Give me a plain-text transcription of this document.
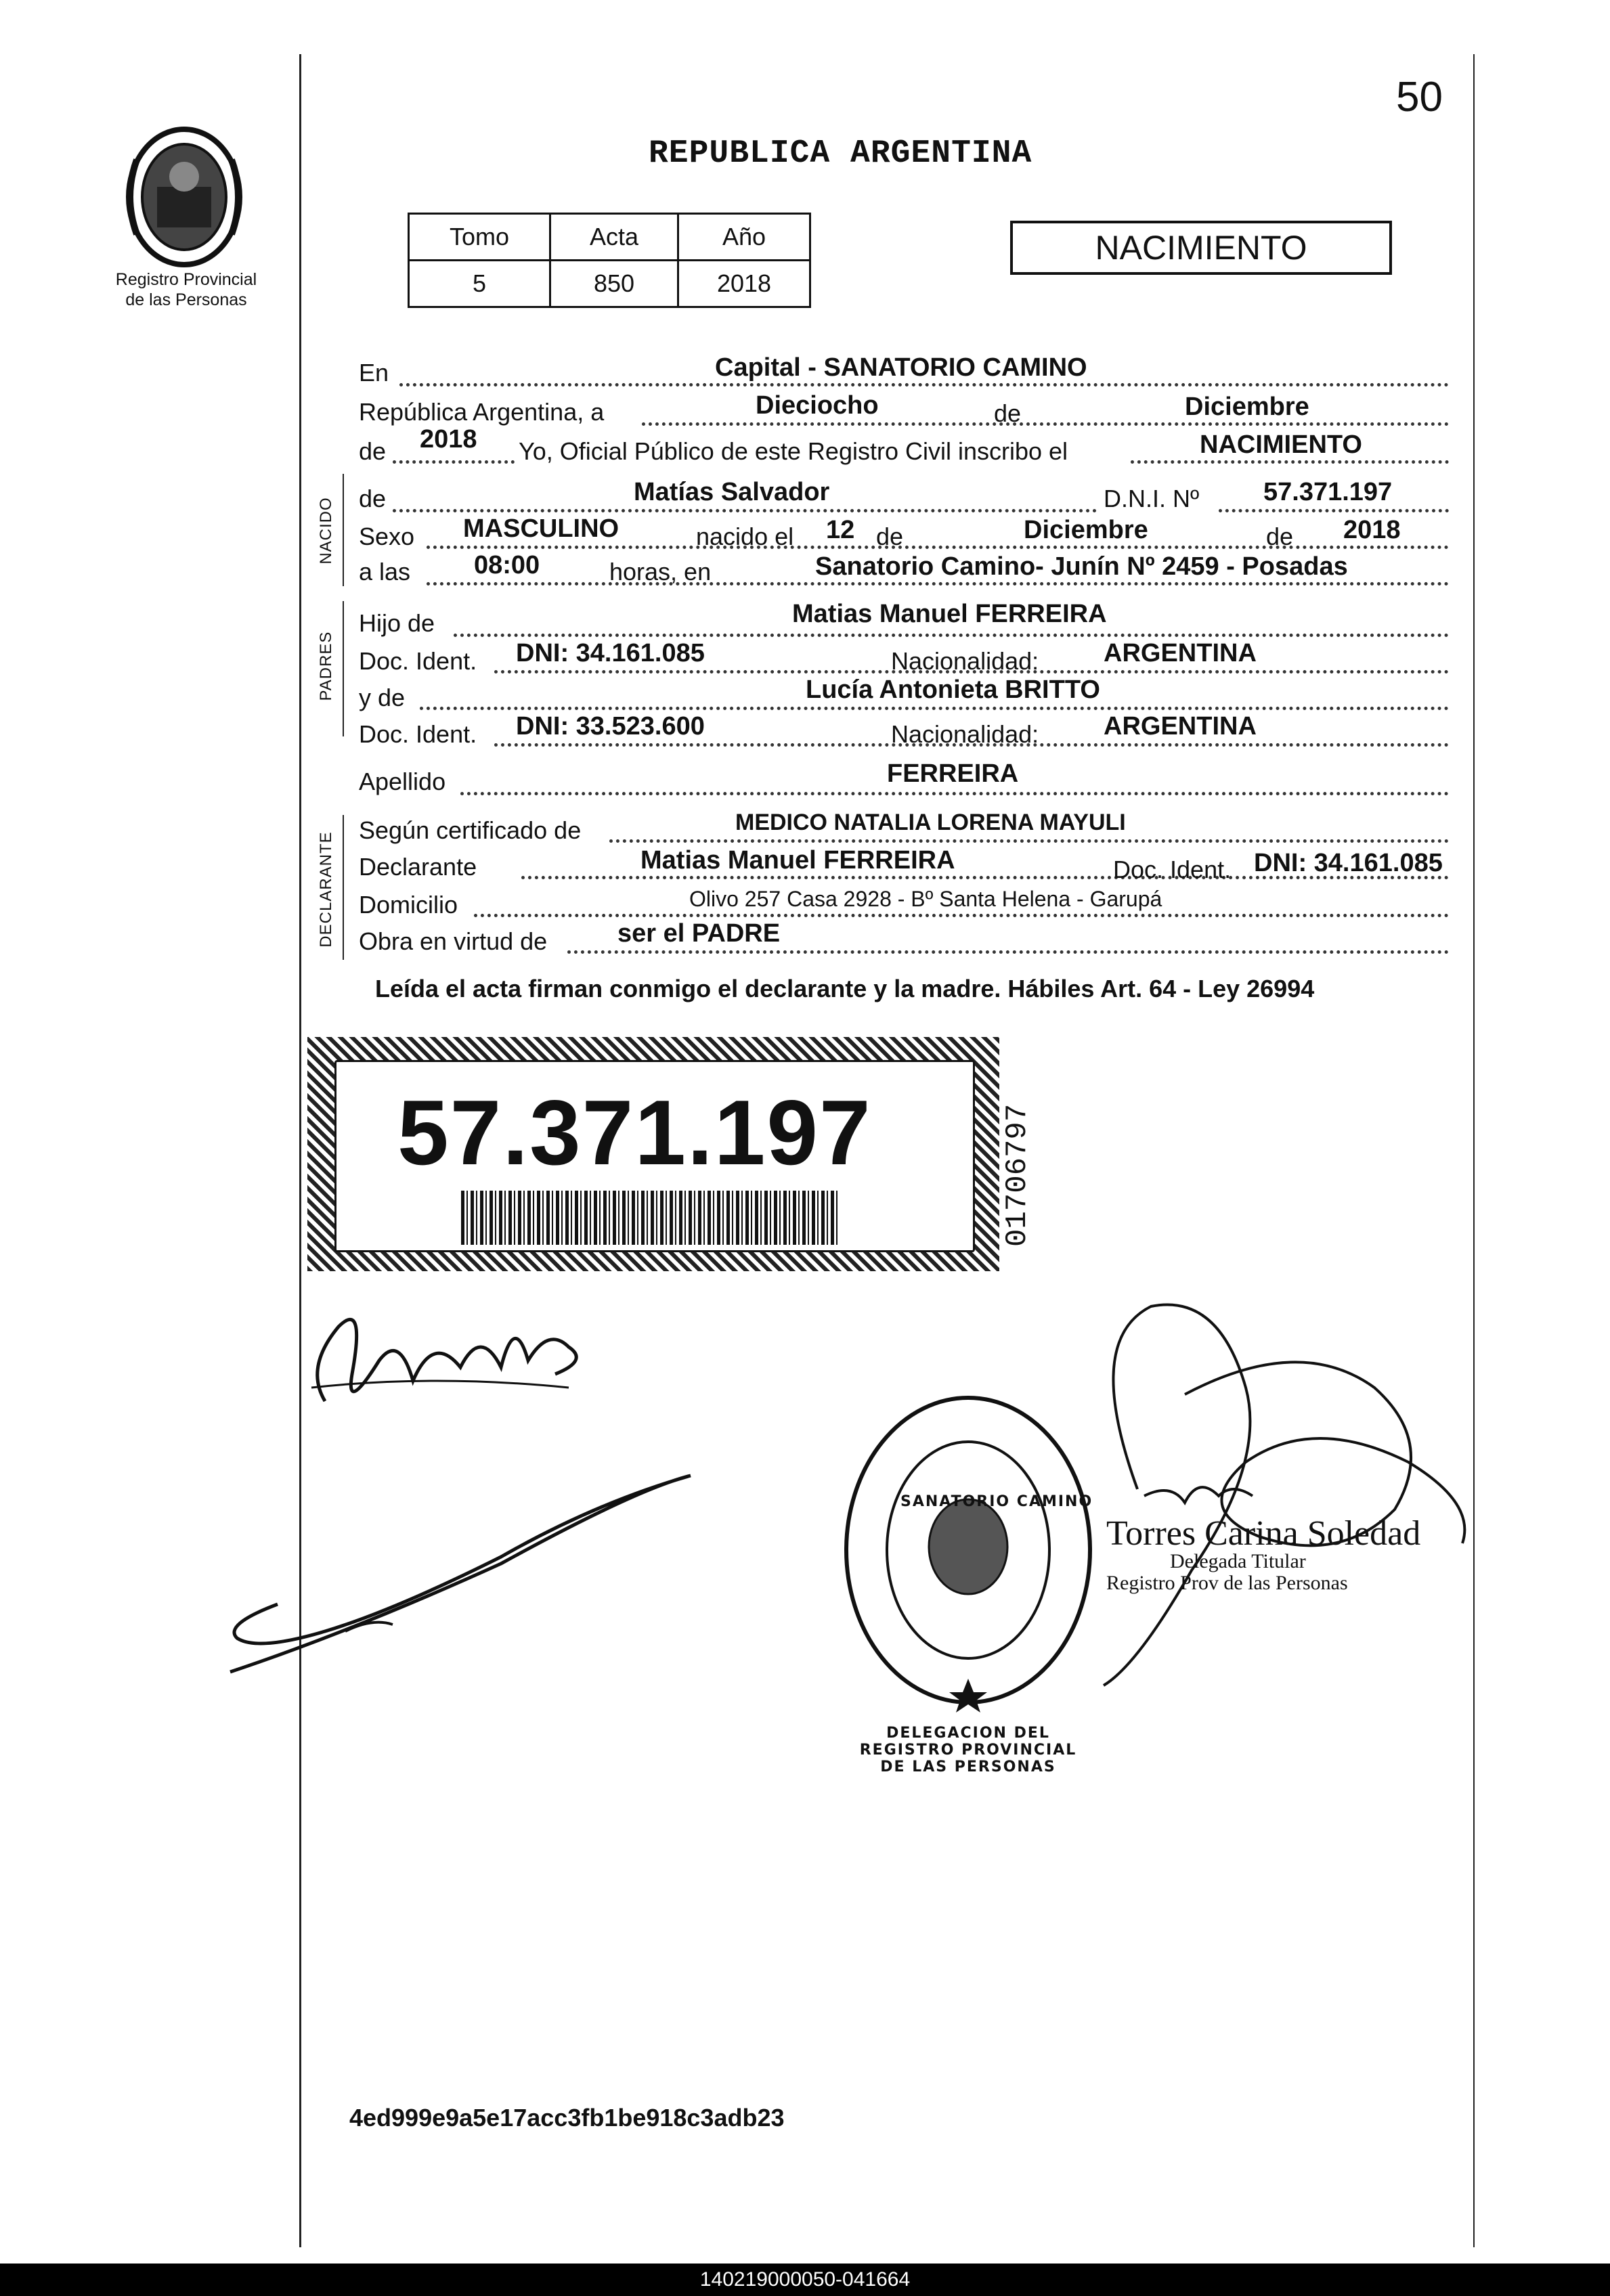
50
Registro Provincial
de las Personas
REPUBLICA ARGENTINA
Tomo	Acta	Año
5	850	2018
NACIMIENTO
En	Capital - SANATORIO CAMINO
República Argentina, a	Dieciocho	de	Diciembre
de 2018 Yo, Oficial Público de este Registro Civil inscribo el	NACIMIENTO
NACIDO de	Matías Salvador	D.N.I. Nº 57.371.197
Sexo MASCULINO	nacido el 12 de	Diciembre	de 2018
a las 08:00	horas, en	Sanatorio Camino- Junín Nº 2459 - Posadas
PADRES
Hijo de	Matias Manuel FERREIRA
Doc. Ident. DNI: 34.161.085	Nacionalidad:	ARGENTINA
y de	Lucía Antonieta BRITTO
Doc. Ident. DNI: 33.523.600	Nacionalidad:	ARGENTINA
Apellido	FERREIRA
DECLARANTE
Según certificado de	MEDICO NATALIA LORENA MAYULI
Declarante	Matias Manuel FERREIRA	Doc. Ident. DNI: 34.161.085
Domicilio	Olivo 257 Casa 2928 - Bº Santa Helena - Garupá
Obra en virtud de	ser el PADRE
Leída el acta firman conmigo el declarante y la madre. Hábiles Art. 64 - Ley 26994
57.371.197	01706797
DELEGACION DEL REGISTRO PROVINCIAL DE LAS PERSONAS
SANATORIO CAMINO
Torres Carina Soledad
Delegada Titular
Registro Prov de las Personas
4ed999e9a5e17acc3fb1be918c3adb23
140219000050-041664
